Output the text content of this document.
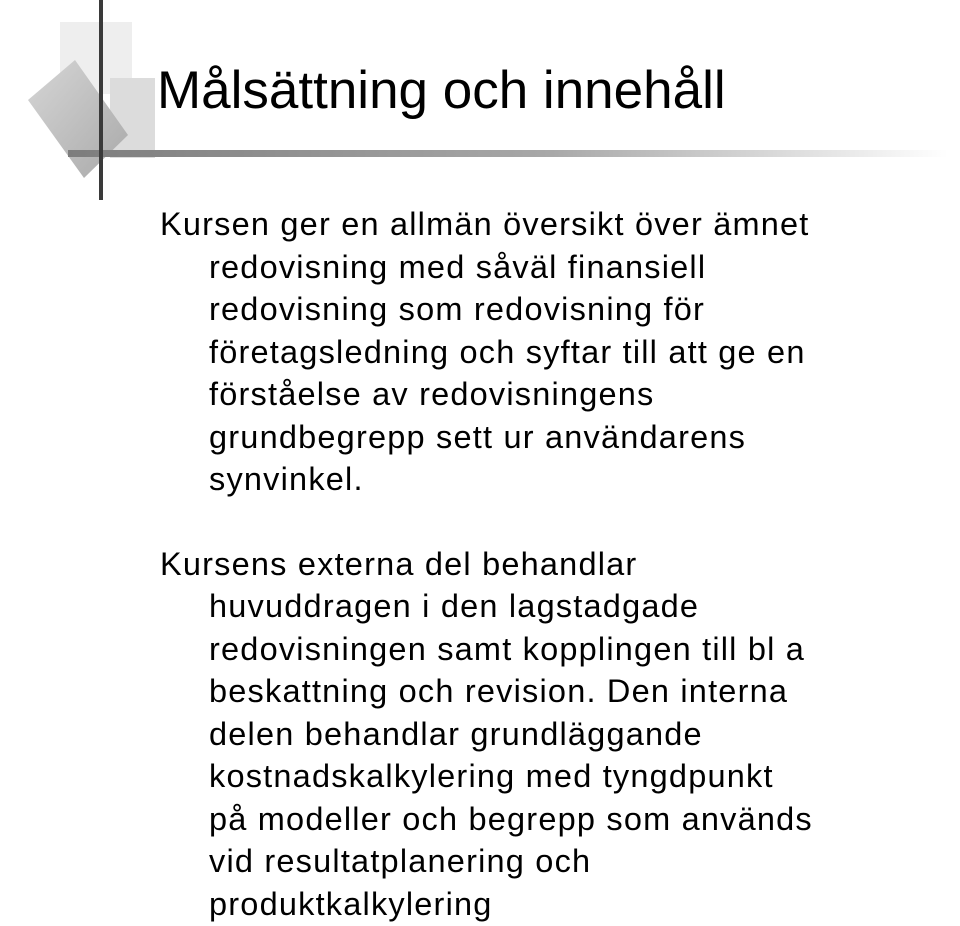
Målsättning och innehåll

Kursen ger en allmän översikt över ämnet
redovisning med såväl finansiell
redovisning som redovisning för
företagsledning och syftar till att ge en
förståelse av redovisningens
grundbegrepp sett ur användarens
synvinkel.

Kursens externa del behandlar
huvuddragen i den lagstadgade
redovisningen samt kopplingen till bl a
beskattning och revision. Den interna
delen behandlar grundläggande
kostnadskalkylering med tyngdpunkt
på modeller och begrepp som används
vid resultatplanering och
produktkalkylering
